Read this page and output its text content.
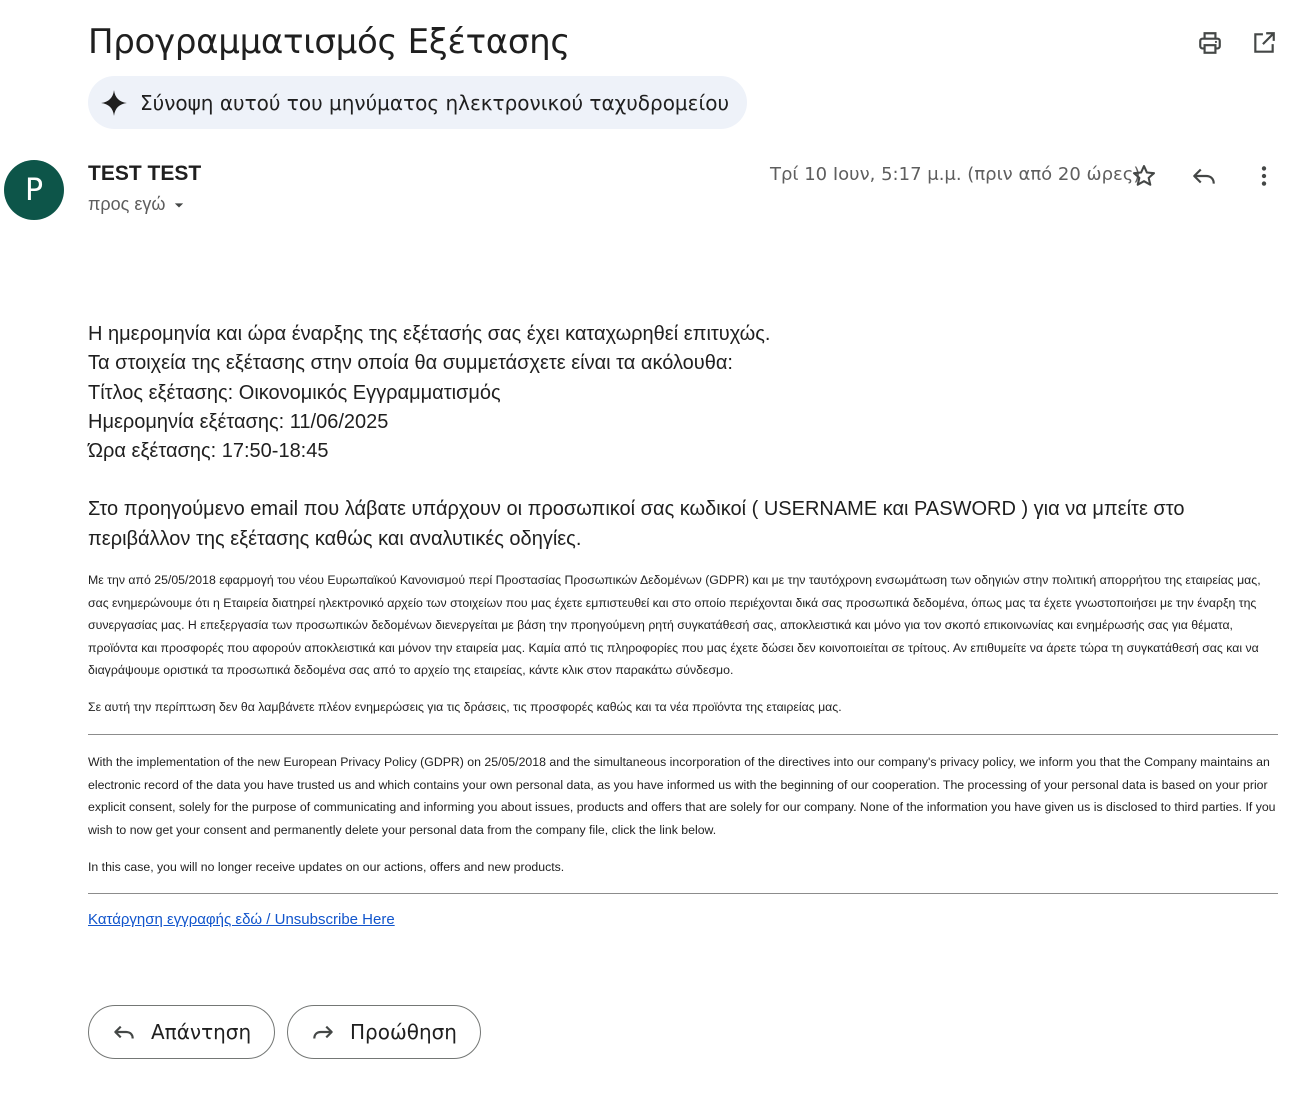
Προγραμματισμός Εξέτασης
Σύνοψη αυτού του μηνύματος ηλεκτρονικού ταχυδρομείου
P	TEST TEST
προς εγώ
Τρί 10 Ιουν, 5:17 μ.μ. (πριν από 20 ώρες)
Η ημερομηνία και ώρα έναρξης της εξέτασής σας έχει καταχωρηθεί επιτυχώς.
Τα στοιχεία της εξέτασης στην οποία θα συμμετάσχετε είναι τα ακόλουθα:
Τίτλος εξέτασης: Οικονομικός Εγγραμματισμός
Ημερομηνία εξέτασης: 11/06/2025
Ώρα εξέτασης: 17:50-18:45
Στο προηγούμενο email που λάβατε υπάρχουν οι προσωπικοί σας κωδικοί ( USERNAME και PASWORD ) για να μπείτε στο περιβάλλον της εξέτασης καθώς και αναλυτικές οδηγίες.
Με την από 25/05/2018 εφαρμογή του νέου Ευρωπαϊκού Κανονισμού περί Προστασίας Προσωπικών Δεδομένων (GDPR) και με την ταυτόχρονη ενσωμάτωση των οδηγιών στην πολιτική απορρήτου της εταιρείας μας, σας ενημερώνουμε ότι η Εταιρεία διατηρεί ηλεκτρονικό αρχείο των στοιχείων που μας έχετε εμπιστευθεί και στο οποίο περιέχονται δικά σας προσωπικά δεδομένα, όπως μας τα έχετε γνωστοποιήσει με την έναρξη της συνεργασίας μας. Η επεξεργασία των προσωπικών δεδομένων διενεργείται με βάση την προηγούμενη ρητή συγκατάθεσή σας, αποκλειστικά και μόνο για τον σκοπό επικοινωνίας και ενημέρωσής σας για θέματα, προϊόντα και προσφορές που αφορούν αποκλειστικά και μόνον την εταιρεία μας. Καμία από τις πληροφορίες που μας έχετε δώσει δεν κοινοποιείται σε τρίτους. Αν επιθυμείτε να άρετε τώρα τη συγκατάθεσή σας και να διαγράψουμε οριστικά τα προσωπικά δεδομένα σας από το αρχείο της εταιρείας, κάντε κλικ στον παρακάτω σύνδεσμο.
Σε αυτή την περίπτωση δεν θα λαμβάνετε πλέον ενημερώσεις για τις δράσεις, τις προσφορές καθώς και τα νέα προϊόντα της εταιρείας μας.
With the implementation of the new European Privacy Policy (GDPR) on 25/05/2018 and the simultaneous incorporation of the directives into our company's privacy policy, we inform you that the Company maintains an electronic record of the data you have trusted us and which contains your own personal data, as you have informed us with the beginning of our cooperation. The processing of your personal data is based on your prior explicit consent, solely for the purpose of communicating and informing you about issues, products and offers that are solely for our company. None of the information you have given us is disclosed to third parties. If you wish to now get your consent and permanently delete your personal data from the company file, click the link below.
In this case, you will no longer receive updates on our actions, offers and new products.
Κατάργηση εγγραφής εδώ / Unsubscribe Here
Απάντηση	Προώθηση
